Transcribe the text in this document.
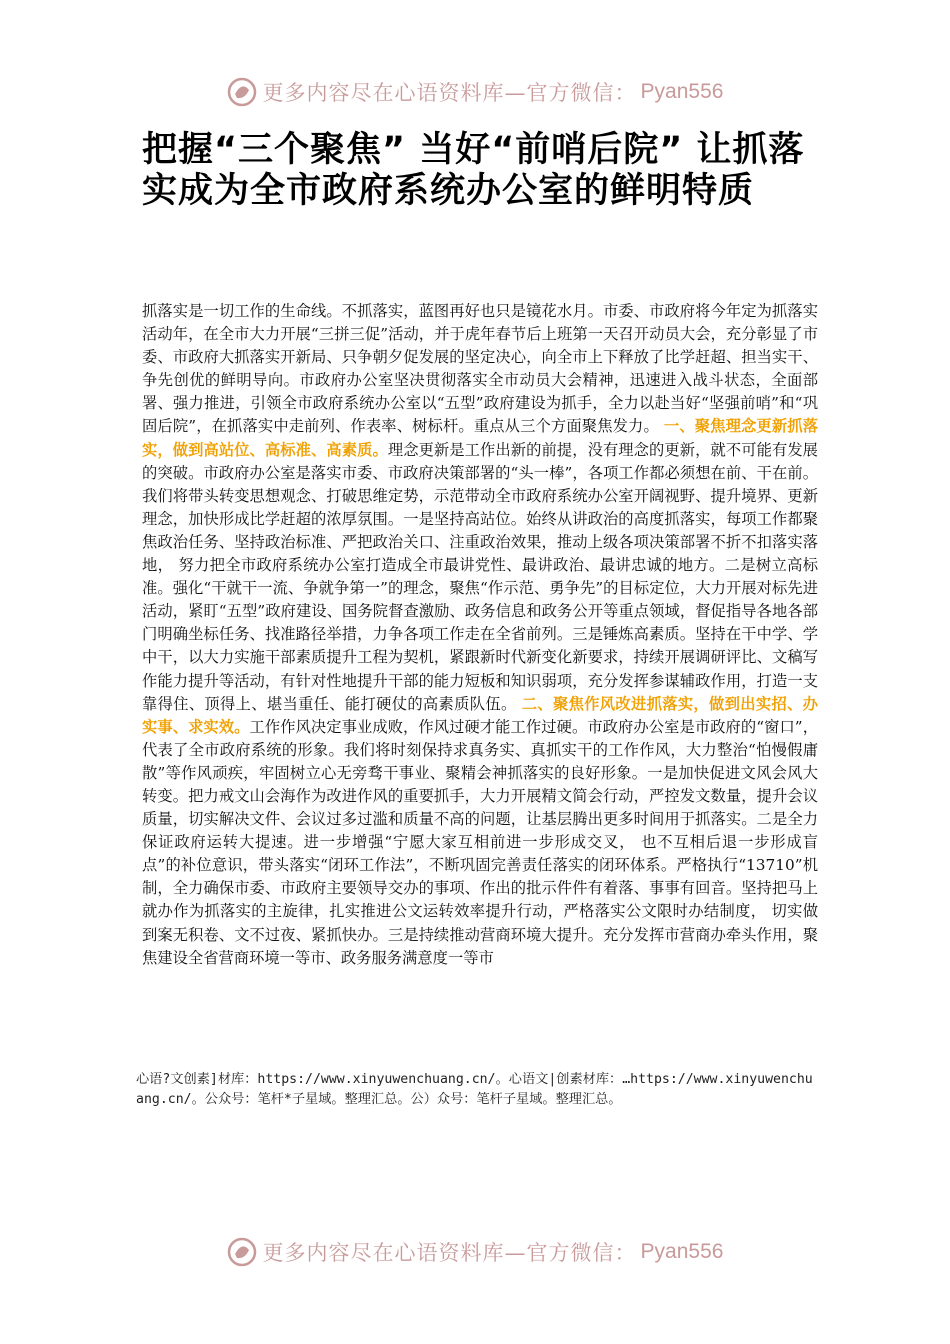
更多内容尽在心语资料库—官方微信： Pyan556
把握“三个聚焦” 当好“前哨后院” 让抓落实成为全市政府系统办公室的鲜明特质

抓落实是一切工作的生命线。不抓落实，蓝图再好也只是镜花水月。市委、市政府将今年定为抓落实活动年，在全市大力开展“三拼三促”活动，并于虎年春节后上班第一天召开动员大会，充分彰显了市委、市政府大抓落实开新局、只争朝夕促发展的坚定决心，向全市上下释放了比学赶超、担当实干、争先创优的鲜明导向。市政府办公室坚决贯彻落实全市动员大会精神，迅速进入战斗状态，全面部署、强力推进，引领全市政府系统办公室以“五型”政府建设为抓手，全力以赴当好“坚强前哨”和“巩固后院”，在抓落实中走前列、作表率、树标杆。重点从三个方面聚焦发力。 一、聚焦理念更新抓落实，做到高站位、高标准、高素质。理念更新是工作出新的前提，没有理念的更新，就不可能有发展的突破。市政府办公室是落实市委、市政府决策部署的“头一棒”，各项工作都必须想在前、干在前。我们将带头转变思想观念、打破思维定势，示范带动全市政府系统办公室开阔视野、提升境界、更新理念，加快形成比学赶超的浓厚氛围。一是坚持高站位。始终从讲政治的高度抓落实，每项工作都聚焦政治任务、坚持政治标准、严把政治关口、注重政治效果，推动上级各项决策部署不折不扣落实落地， 努力把全市政府系统办公室打造成全市最讲党性、最讲政治、最讲忠诚的地方。二是树立高标准。强化“干就干一流、争就争第一”的理念，聚焦“作示范、勇争先”的目标定位，大力开展对标先进活动，紧盯“五型”政府建设、国务院督查激励、政务信息和政务公开等重点领域，督促指导各地各部门明确坐标任务、找准路径举措，力争各项工作走在全省前列。三是锤炼高素质。坚持在干中学、学中干，以大力实施干部素质提升工程为契机，紧跟新时代新变化新要求，持续开展调研评比、文稿写作能力提升等活动，有针对性地提升干部的能力短板和知识弱项，充分发挥参谋辅政作用，打造一支靠得住、顶得上、堪当重任、能打硬仗的高素质队伍。 二、聚焦作风改进抓落实，做到出实招、办实事、求实效。工作作风决定事业成败，作风过硬才能工作过硬。市政府办公室是市政府的“窗口”，代表了全市政府系统的形象。我们将时刻保持求真务实、真抓实干的工作作风，大力整治“怕慢假庸散”等作风顽疾，牢固树立心无旁骛干事业、聚精会神抓落实的良好形象。一是加快促进文风会风大转变。把力戒文山会海作为改进作风的重要抓手，大力开展精文简会行动，严控发文数量，提升会议质量，切实解决文件、会议过多过滥和质量不高的问题，让基层腾出更多时间用于抓落实。二是全力保证政府运转大提速。进一步增强“宁愿大家互相前进一步形成交叉， 也不互相后退一步形成盲点”的补位意识，带头落实“闭环工作法”，不断巩固完善责任落实的闭环体系。严格执行“13710”机制，全力确保市委、市政府主要领导交办的事项、作出的批示件件有着落、事事有回音。坚持把马上就办作为抓落实的主旋律，扎实推进公文运转效率提升行动，严格落实公文限时办结制度， 切实做到案无积卷、文不过夜、紧抓快办。三是持续推动营商环境大提升。充分发挥市营商办牵头作用，聚焦建设全省营商环境一等市、政务服务满意度一等市

心语?文创素]材库：https://www.xinyuwenchuang.cn/。心语文|创素材库：…https://www.xinyuwenchuang.cn/。公众号：笔杆*子星域。整理汇总。公）众号：笔杆子星域。整理汇总。

更多内容尽在心语资料库—官方微信： Pyan556
